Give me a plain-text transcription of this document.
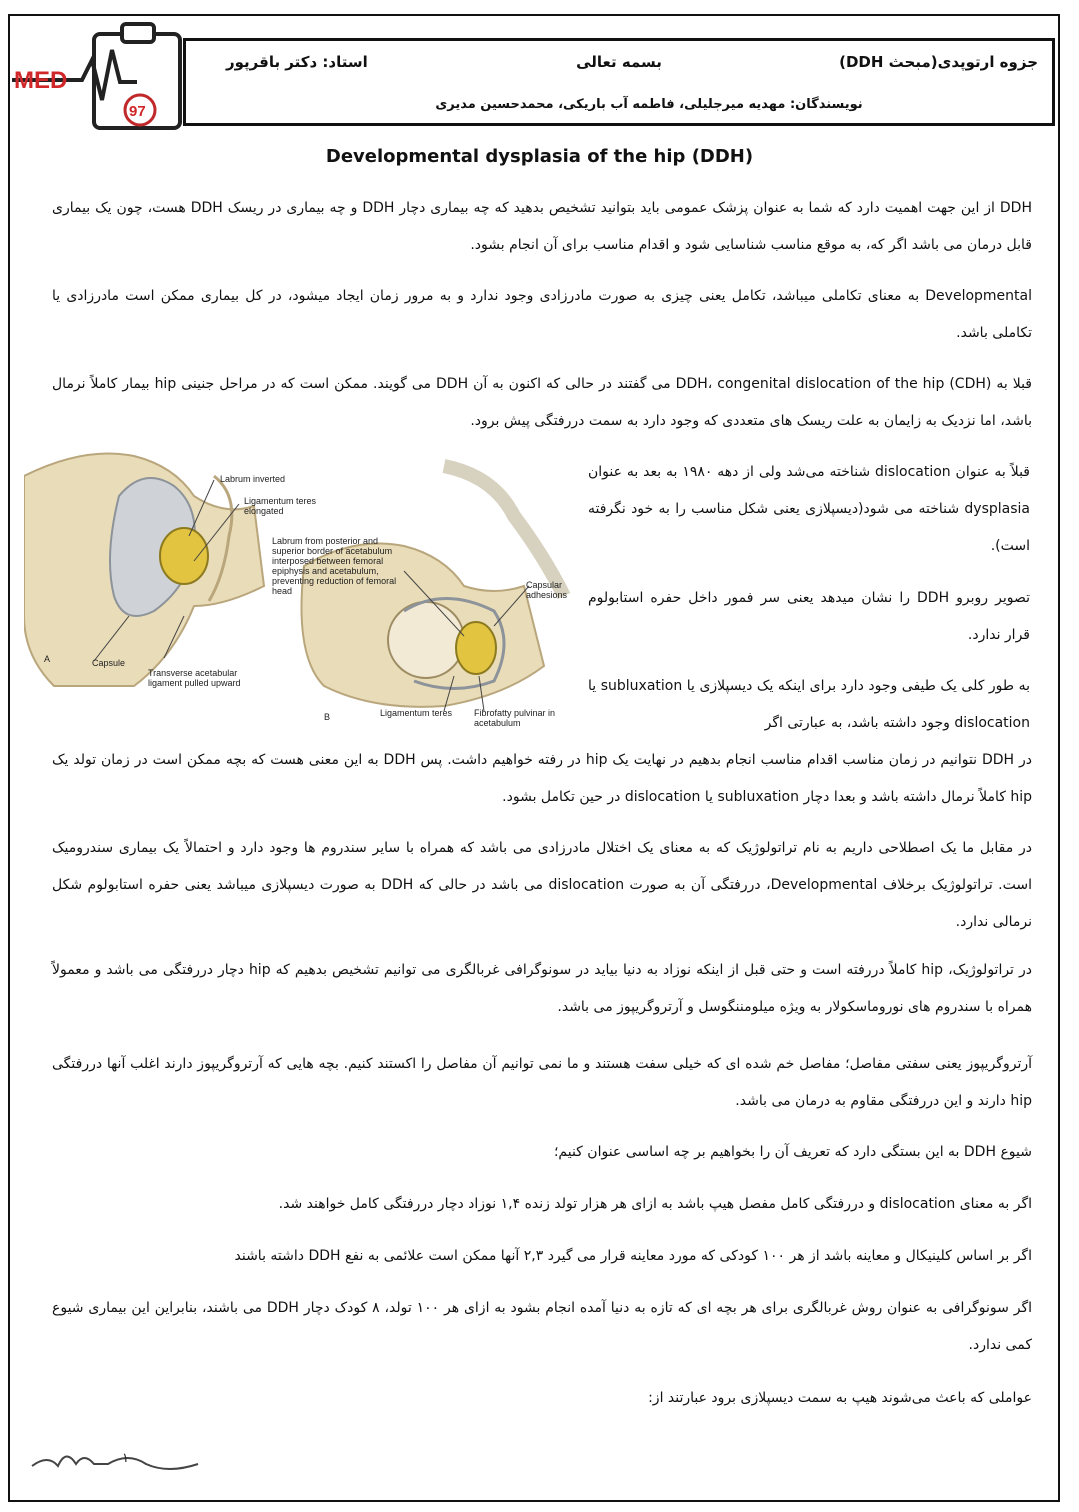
MED
97
جزوه ارتوپدی(مبحث DDH)
بسمه تعالی
استاد: دکتر باقرپور
نویسندگان: مهدیه میرجلیلی، فاطمه آب باریکی، محمدحسین مدیری
Developmental dysplasia of the hip (DDH)

DDH از این جهت اهمیت دارد که شما به عنوان پزشک عمومی باید بتوانید تشخیص بدهید که چه بیماری دچار DDH و چه بیماری در ریسک DDH هست، چون یک بیماری قابل درمان می باشد اگر که، به موقع مناسب شناسایی شود و اقدام مناسب برای آن انجام بشود.

Developmental به معنای تکاملی میباشد، تکامل یعنی چیزی به صورت مادرزادی وجود ندارد و به مرور زمان ایجاد میشود، در کل بیماری ممکن است مادرزادی یا تکاملی باشد.

قبلا به DDH، congenital dislocation of the hip (CDH) می گفتند در حالی که اکنون به آن DDH می گویند. ممکن است که در مراحل جنینی hip بیمار کاملاً نرمال باشد، اما نزدیک به زایمان به علت ریسک های متعددی که وجود دارد به سمت دررفتگی پیش برود.

Labrum inverted
Ligamentum teres elongated
Labrum from posterior and superior border of acetabulum interposed between femoral epiphysis and acetabulum, preventing reduction of femoral head
Capsular adhesions
A	Capsule
Transverse acetabular ligament pulled upward
B	Ligamentum teres Fibrofatty pulvinar in acetabulum

قبلاً به عنوان dislocation شناخته می‌شد ولی از دهه ۱۹۸۰ به بعد به عنوان dysplasia شناخته می شود(دیسپلازی یعنی شکل مناسب را به خود نگرفته است).

تصویر روبرو DDH را نشان میدهد یعنی سر فمور داخل حفره استابولوم قرار ندارد.

به طور کلی یک طیفی وجود دارد برای اینکه یک دیسپلازی یا subluxation یا dislocation وجود داشته باشد، به عبارتی اگر

در DDH نتوانیم در زمان مناسب اقدام مناسب انجام بدهیم در نهایت یک hip در رفته خواهیم داشت. پس DDH به این معنی هست که بچه ممکن است در زمان تولد یک hip کاملاً نرمال داشته باشد و بعدا دچار subluxation یا dislocation در حین تکامل بشود.

در مقابل ما یک اصطلاحی داریم به نام تراتولوژیک که به معنای یک اختلال مادرزادی می باشد که همراه با سایر سندروم ها وجود دارد و احتمالاً یک بیماری سندرومیک است. تراتولوژیک برخلاف Developmental، دررفتگی آن به صورت dislocation می باشد در حالی که DDH به صورت دیسپلازی میباشد یعنی حفره استابولوم شکل نرمالی ندارد.

در تراتولوژیک، hip کاملاً دررفته است و حتی قبل از اینکه نوزاد به دنیا بیاید در سونوگرافی غربالگری می توانیم تشخیص بدهیم که hip دچار دررفتگی می باشد و معمولاً همراه با سندروم های نوروماسکولار به ویژه میلومننگوسل و آرتروگریپوز می باشد.

آرتروگریپوز یعنی سفتی مفاصل؛ مفاصل خم شده ای که خیلی سفت هستند و ما نمی توانیم آن مفاصل را اکستند کنیم. بچه هایی که آرتروگریپوز دارند اغلب آنها دررفتگی hip دارند و این دررفتگی مقاوم به درمان می باشد.

شیوع DDH به این بستگی دارد که تعریف آن را بخواهیم بر چه اساسی عنوان کنیم؛

اگر به معنای dislocation و دررفتگی کامل مفصل هیپ باشد به ازای هر هزار تولد زنده ۱,۴ نوزاد دچار دررفتگی کامل خواهند شد.

اگر بر اساس کلینیکال و معاینه باشد از هر ۱۰۰ کودکی که مورد معاینه قرار می گیرد ۲,۳ آنها ممکن است علائمی به نفع DDH داشته باشند

اگر سونوگرافی به عنوان روش غربالگری برای هر بچه ای که تازه به دنیا آمده انجام بشود به ازای هر ۱۰۰ تولد، ۸ کودک دچار DDH می باشند، بنابراین این بیماری شیوع کمی ندارد.

عواملی که باعث می‌شوند هیپ به سمت دیسپلازی برود عبارتند از:

۱
